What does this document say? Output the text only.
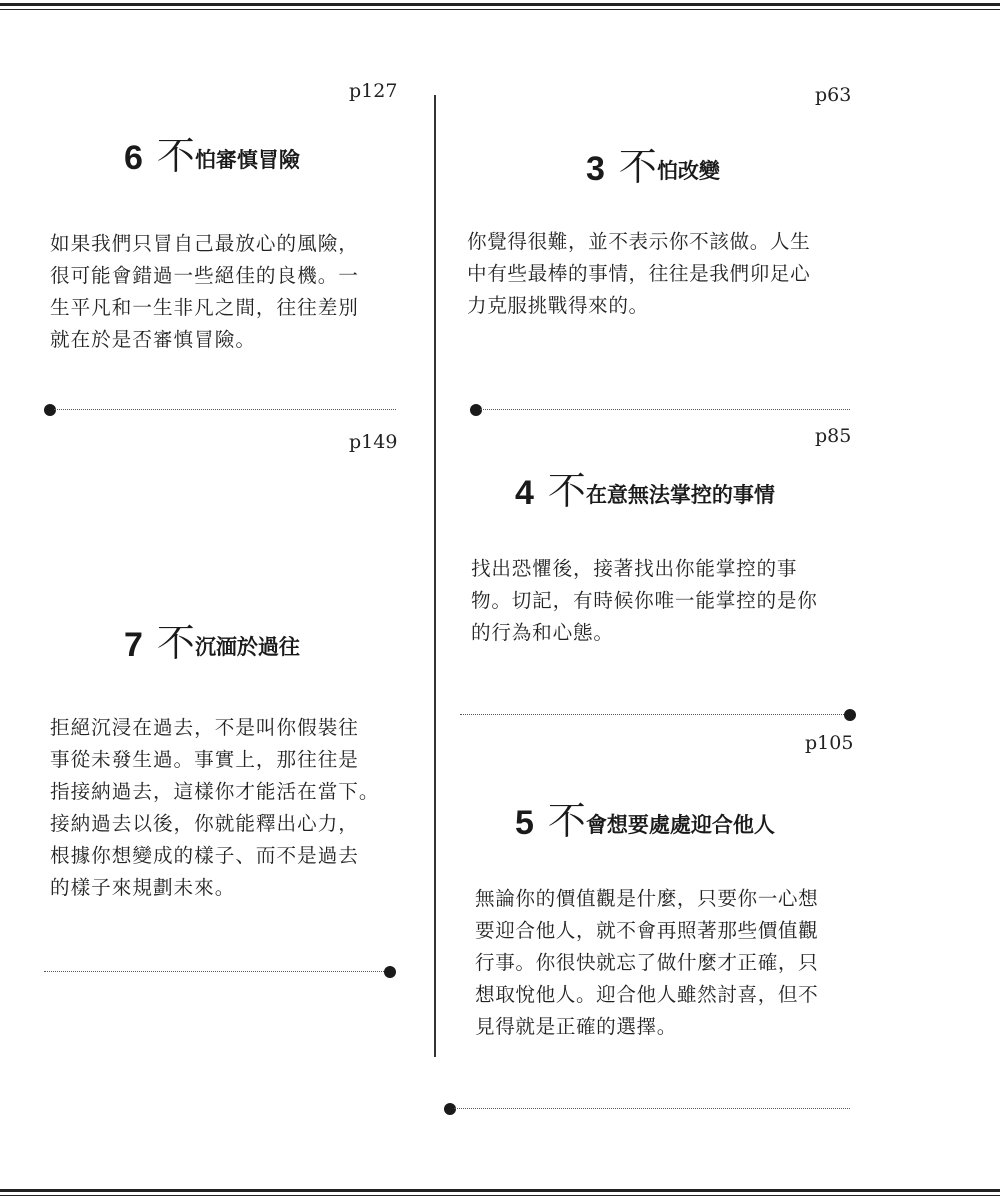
p127
6 不 怕審慎冒險
如果我們只冒自己最放心的風險，
很可能會錯過一些絕佳的良機。一
生平凡和一生非凡之間，往往差別
就在於是否審慎冒險。
p149
7 不 沉湎於過往
拒絕沉浸在過去，不是叫你假裝往
事從未發生過。事實上，那往往是
指接納過去，這樣你才能活在當下。
接納過去以後，你就能釋出心力，
根據你想變成的樣子、而不是過去
的樣子來規劃未來。
p63
3 不 怕改變
你覺得很難，並不表示你不該做。人生
中有些最棒的事情，往往是我們卯足心
力克服挑戰得來的。
p85
4 不 在意無法掌控的事情
找出恐懼後，接著找出你能掌控的事
物。切記，有時候你唯一能掌控的是你
的行為和心態。
p105
5 不 會想要處處迎合他人
無論你的價值觀是什麼，只要你一心想
要迎合他人，就不會再照著那些價值觀
行事。你很快就忘了做什麼才正確，只
想取悅他人。迎合他人雖然討喜，但不
見得就是正確的選擇。
